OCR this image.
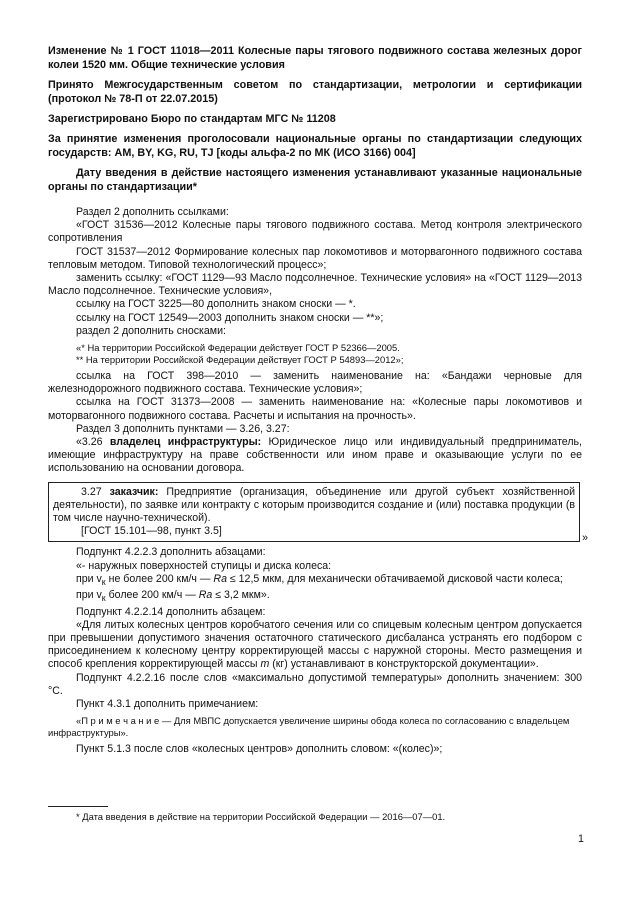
Изменение № 1 ГОСТ 11018—2011 Колесные пары тягового подвижного состава железных дорог колеи 1520 мм. Общие технические условия

Принято Межгосударственным советом по стандартизации, метрологии и сертификации (протокол № 78-П от 22.07.2015)

Зарегистрировано Бюро по стандартам МГС № 11208

За принятие изменения проголосовали национальные органы по стандартизации следующих государств: AM, BY, KG, RU, TJ [коды альфа-2 по МК (ИСО 3166) 004]

Дату введения в действие настоящего изменения устанавливают указанные национальные органы по стандартизации*

Раздел 2 дополнить ссылками:

«ГОСТ 31536—2012 Колесные пары тягового подвижного состава. Метод контроля электрического сопротивления

ГОСТ 31537—2012 Формирование колесных пар локомотивов и моторвагонного подвижного состава тепловым методом. Типовой технологический процесс»;

заменить ссылку: «ГОСТ 1129—93 Масло подсолнечное. Технические условия» на «ГОСТ 1129—2013 Масло подсолнечное. Технические условия»,

ссылку на ГОСТ 3225—80 дополнить знаком сноски — *.

ссылку на ГОСТ 12549—2003 дополнить знаком сноски — **»;

раздел 2 дополнить сносками:

«* На территории Российской Федерации действует ГОСТ Р 52366—2005.

** На территории Российской Федерации действует ГОСТ Р 54893—2012»;

ссылка на ГОСТ 398—2010 — заменить наименование на: «Бандажи черновые для железнодорожного подвижного состава. Технические условия»;

ссылка на ГОСТ 31373—2008 — заменить наименование на: «Колесные пары локомотивов и моторвагонного подвижного состава. Расчеты и испытания на прочность».

Раздел 3 дополнить пунктами — 3.26, 3.27:

«3.26 владелец инфраструктуры: Юридическое лицо или индивидуальный предприниматель, имеющие инфраструктуру на праве собственности или ином праве и оказывающие услуги по ее использованию на основании договора.

3.27 заказчик: Предприятие (организация, объединение или другой субъект хозяйственной деятельности), по заявке или контракту с которым производится создание и (или) поставка продукции (в том числе научно-технической).

[ГОСТ 15.101—98, пункт 3.5]

»

Подпункт 4.2.2.3 дополнить абзацами:

«- наружных поверхностей ступицы и диска колеса:

при $v_к$ не более 200 км/ч — Ra ≤ 12,5 мкм, для механически обтачиваемой дисковой части колеса;

при $v_к$ более 200 км/ч — Ra ≤ 3,2 мкм».

Подпункт 4.2.2.14 дополнить абзацем:

«Для литых колесных центров коробчатого сечения или со спицевым колесным центром допускается при превышении допустимого значения остаточного статического дисбаланса устранять его подбором с присоединением к колесному центру корректирующей массы с наружной стороны. Место размещения и способ крепления корректирующей массы m (кг) устанавливают в конструкторской документации».

Подпункт 4.2.2.16 после слов «максимально допустимой температуры» дополнить значением: 300 °С.

Пункт 4.3.1 дополнить примечанием:

«П р и м е ч а н и е — Для МВПС допускается увеличение ширины обода колеса по согласованию с владельцем инфраструктуры».

Пункт 5.1.3 после слов «колесных центров» дополнить словом: «(колес)»;

* Дата введения в действие на территории Российской Федерации — 2016—07—01.

1
